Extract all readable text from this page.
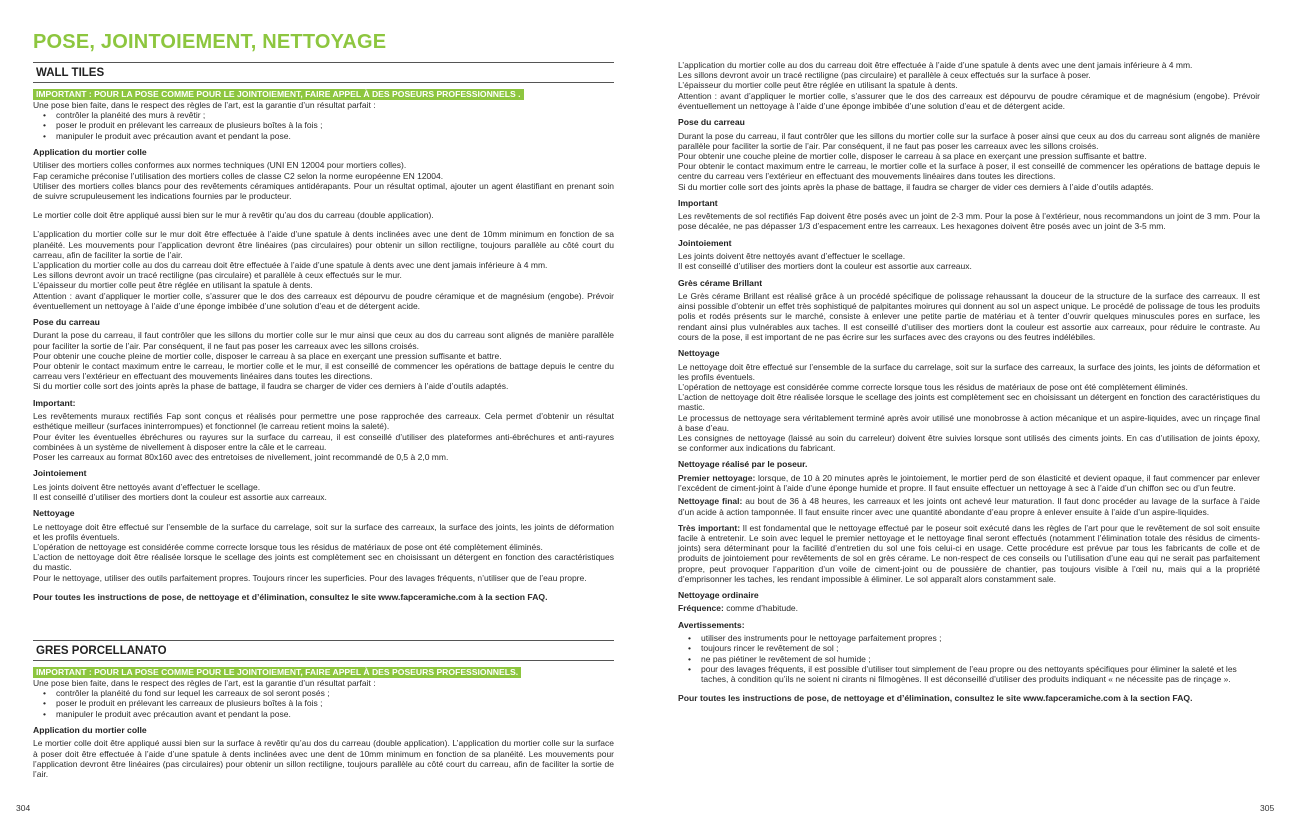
POSE, JOINTOIEMENT, NETTOYAGE
WALL TILES
IMPORTANT : POUR LA POSE COMME POUR LE JOINTOIEMENT, FAIRE APPEL À DES POSEURS PROFESSIONNELS .

Une pose bien faite, dans le respect des règles de l’art, est la garantie d’un résultat parfait :

• contrôler la planéité des murs à revêtir ;
• poser le produit en prélevant les carreaux de plusieurs boîtes à la fois ;
• manipuler le produit avec précaution avant et pendant la pose.
Application du mortier colle

Utiliser des mortiers colles conformes aux normes techniques (UNI EN 12004 pour mortiers colles).

Fap ceramiche préconise l’utilisation des mortiers colles de classe C2 selon la norme européenne EN 12004.

Utiliser des mortiers colles blancs pour des revêtements céramiques antidérapants. Pour un résultat optimal, ajouter un agent élastifiant en prenant soin de suivre scrupuleusement les indications fournies par le producteur.

Le mortier colle doit être appliqué aussi bien sur le mur à revêtir qu’au dos du carreau (double application).

L’application du mortier colle sur le mur doit être effectuée à l’aide d’une spatule à dents inclinées avec une dent de 10mm minimum en fonction de sa planéité. Les mouvements pour l’application devront être linéaires (pas circulaires) pour obtenir un sillon rectiligne, toujours parallèle au côté court du carreau, afin de faciliter la sortie de l’air.

L’application du mortier colle au dos du carreau doit être effectuée à l’aide d’une spatule à dents avec une dent jamais inférieure à 4 mm.

Les sillons devront avoir un tracé rectiligne (pas circulaire) et parallèle à ceux effectués sur le mur.

L’épaisseur du mortier colle peut être réglée en utilisant la spatule à dents.

Attention : avant d’appliquer le mortier colle, s’assurer que le dos des carreaux est dépourvu de poudre céramique et de magnésium (engobe). Prévoir éventuellement un nettoyage à l’aide d’une éponge imbibée d’une solution d’eau et de détergent acide.

Pose du carreau

Durant la pose du carreau, il faut contrôler que les sillons du mortier colle sur le mur ainsi que ceux au dos du carreau sont alignés de manière parallèle pour faciliter la sortie de l’air. Par conséquent, il ne faut pas poser les carreaux avec les sillons croisés.

Pour obtenir une couche pleine de mortier colle, disposer le carreau à sa place en exerçant une pression suffisante et battre.

Pour obtenir le contact maximum entre le carreau, le mortier colle et le mur, il est conseillé de commencer les opérations de battage depuis le centre du carreau vers l’extérieur en effectuant des mouvements linéaires dans toutes les directions.

Si du mortier colle sort des joints après la phase de battage, il faudra se charger de vider ces derniers à l’aide d’outils adaptés.

Important:

Les revêtements muraux rectifiés Fap sont conçus et réalisés pour permettre une pose rapprochée des carreaux. Cela permet d’obtenir un résultat esthétique meilleur (surfaces ininterrompues) et fonctionnel (le carreau retient moins la saleté).

Pour éviter les éventuelles ébréchures ou rayures sur la surface du carreau, il est conseillé d’utiliser des plateformes anti-ébréchures et anti-rayures combinées à un système de nivellement à disposer entre la câle et le carreau.

Poser les carreaux au format 80x160 avec des entretoises de nivellement, joint recommandé de 0,5 à 2,0 mm.

Jointoiement

Les joints doivent être nettoyés avant d’effectuer le scellage.

Il est conseillé d’utiliser des mortiers dont la couleur est assortie aux carreaux.

Nettoyage

Le nettoyage doit être effectué sur l’ensemble de la surface du carrelage, soit sur la surface des carreaux, la surface des joints, les joints de déformation et les profils éventuels.

L’opération de nettoyage est considérée comme correcte lorsque tous les résidus de matériaux de pose ont été complètement éliminés.

L’action de nettoyage doit être réalisée lorsque le scellage des joints est complètement sec en choisissant un détergent en fonction des caractéristiques du mastic.

Pour le nettoyage, utiliser des outils parfaitement propres. Toujours rincer les superficies. Pour des lavages fréquents, n’utiliser que de l’eau propre.

Pour toutes les instructions de pose, de nettoyage et d’élimination, consultez le site www.fapceramiche.com à la section FAQ.

GRES PORCELLANATO
IMPORTANT : POUR LA POSE COMME POUR LE JOINTOIEMENT, FAIRE APPEL À DES POSEURS PROFESSIONNELS.

Une pose bien faite, dans le respect des règles de l’art, est la garantie d’un résultat parfait :

• contrôler la planéité du fond sur lequel les carreaux de sol seront posés ;
• poser le produit en prélevant les carreaux de plusieurs boîtes à la fois ;
• manipuler le produit avec précaution avant et pendant la pose.
Application du mortier colle

Le mortier colle doit être appliqué aussi bien sur la surface à revêtir qu’au dos du carreau (double application). L’application du mortier colle sur la surface à poser doit être effectuée à l’aide d’une spatule à dents inclinées avec une dent de 10mm minimum en fonction de sa planéité. Les mouvements pour l’application devront être linéaires (pas circulaires) pour obtenir un sillon rectiligne, toujours parallèle au côté court du carreau, afin de faciliter la sortie de l’air.

304

L’application du mortier colle au dos du carreau doit être effectuée à l’aide d’une spatule à dents avec une dent jamais inférieure à 4 mm.

Les sillons devront avoir un tracé rectiligne (pas circulaire) et parallèle à ceux effectués sur la surface à poser.

L’épaisseur du mortier colle peut être réglée en utilisant la spatule à dents.

Attention : avant d’appliquer le mortier colle, s’assurer que le dos des carreaux est dépourvu de poudre céramique et de magnésium (engobe). Prévoir éventuellement un nettoyage à l’aide d’une éponge imbibée d’une solution d’eau et de détergent acide.

Pose du carreau

Durant la pose du carreau, il faut contrôler que les sillons du mortier colle sur la surface à poser ainsi que ceux au dos du carreau sont alignés de manière parallèle pour faciliter la sortie de l’air. Par conséquent, il ne faut pas poser les carreaux avec les sillons croisés.

Pour obtenir une couche pleine de mortier colle, disposer le carreau à sa place en exerçant une pression suffisante et battre.

Pour obtenir le contact maximum entre le carreau, le mortier colle et la surface à poser, il est conseillé de commencer les opérations de battage depuis le centre du carreau vers l’extérieur en effectuant des mouvements linéaires dans toutes les directions.

Si du mortier colle sort des joints après la phase de battage, il faudra se charger de vider ces derniers à l’aide d’outils adaptés.

Important

Les revêtements de sol rectifiés Fap doivent être posés avec un joint de 2-3 mm. Pour la pose à l’extérieur, nous recommandons un joint de 3 mm. Pour la pose décalée, ne pas dépasser 1/3 d’espacement entre les carreaux. Les hexagones doivent être posés avec un joint de 3-5 mm.

Jointoiement

Les joints doivent être nettoyés avant d’effectuer le scellage.

Il est conseillé d’utiliser des mortiers dont la couleur est assortie aux carreaux.

Grès cérame Brillant

Le Grès cérame Brillant est réalisé grâce à un procédé spécifique de polissage rehaussant la douceur de la structure de la surface des carreaux. Il est ainsi possible d’obtenir un effet très sophistiqué de palpitantes moirures qui donnent au sol un aspect unique. Le procédé de polissage de tous les produits polis et rodés présents sur le marché, consiste à enlever une petite partie de matériau et à tenter d’ouvrir quelques minuscules pores en surface, les rendant ainsi plus vulnérables aux taches. Il est conseillé d’utiliser des mortiers dont la couleur est assortie aux carreaux, pour réduire le contraste. Au cours de la pose, il est important de ne pas écrire sur les surfaces avec des crayons ou des feutres indélébiles.

Nettoyage

Le nettoyage doit être effectué sur l’ensemble de la surface du carrelage, soit sur la surface des carreaux, la surface des joints, les joints de déformation et les profils éventuels.

L’opération de nettoyage est considérée comme correcte lorsque tous les résidus de matériaux de pose ont été complètement éliminés.

L’action de nettoyage doit être réalisée lorsque le scellage des joints est complètement sec en choisissant un détergent en fonction des caractéristiques du mastic.

Le processus de nettoyage sera véritablement terminé après avoir utilisé une monobrosse à action mécanique et un aspire-liquides, avec un rinçage final à base d’eau.

Les consignes de nettoyage (laissé au soin du carreleur) doivent être suivies lorsque sont utilisés des ciments joints. En cas d’utilisation de joints époxy, se conformer aux indications du fabricant.

Nettoyage réalisé par le poseur.

Premier nettoyage: lorsque, de 10 à 20 minutes après le jointoiement, le mortier perd de son élasticité et devient opaque, il faut commencer par enlever l’excédent de ciment-joint à l’aide d’une éponge humide et propre. Il faut ensuite effectuer un nettoyage à sec à l’aide d’un chiffon sec ou d’un feutre.

Nettoyage final: au bout de 36 à 48 heures, les carreaux et les joints ont achevé leur maturation. Il faut donc procéder au lavage de la surface à l’aide d’un acide à action tamponnée. Il faut ensuite rincer avec une quantité abondante d’eau propre à enlever ensuite à l’aide d’un aspire-liquides.

Très important: Il est fondamental que le nettoyage effectué par le poseur soit exécuté dans les règles de l’art pour que le revêtement de sol soit ensuite facile à entretenir. Le soin avec lequel le premier nettoyage et le nettoyage final seront effectués (notamment l’élimination totale des résidus de ciments-joints) sera déterminant pour la facilité d’entretien du sol une fois celui-ci en usage. Cette procédure est prévue par tous les fabricants de colle et de produits de jointoiement pour revêtements de sol en grès cérame. Le non-respect de ces conseils ou l’utilisation d’une eau qui ne serait pas parfaitement propre, peut provoquer l’apparition d’un voile de ciment-joint ou de poussière de chantier, pas toujours visible à l’œil nu, mais qui a la propriété d’emprisonner les taches, les rendant impossible à éliminer. Le sol apparaît alors constamment sale.

Nettoyage ordinaire

Fréquence: comme d’habitude.

Avertissements:
• utiliser des instruments pour le nettoyage parfaitement propres ;
• toujours rincer le revêtement de sol ;
• ne pas piétiner le revêtement de sol humide ;
• pour des lavages fréquents, il est possible d’utiliser tout simplement de l’eau propre ou des nettoyants spécifiques pour éliminer la saleté et les taches, à condition qu’ils ne soient ni cirants ni filmogènes. Il est déconseillé d’utiliser des produits indiquant « ne nécessite pas de rinçage ».

Pour toutes les instructions de pose, de nettoyage et d’élimination, consultez le site www.fapceramiche.com à la section FAQ.

305
